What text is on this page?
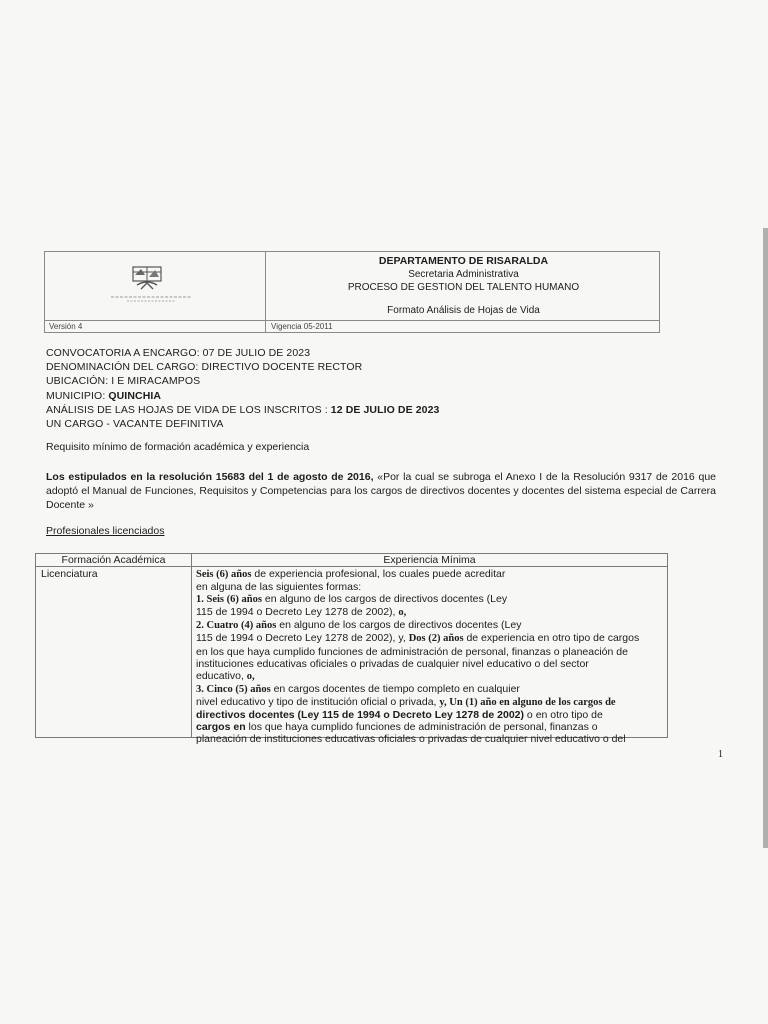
DEPARTAMENTO DE RISARALDA
Secretaria Administrativa
PROCESO DE GESTION DEL TALENTO HUMANO
Formato Análisis de Hojas de Vida
Versión 4	Vigencia 05-2011
CONVOCATORIA A ENCARGO: 07 DE JULIO DE 2023
DENOMINACIÓN DEL CARGO: DIRECTIVO DOCENTE RECTOR
UBICACIÓN: I E MIRACAMPOS
MUNICIPIO: QUINCHIA
ANÁLISIS DE LAS HOJAS DE VIDA DE LOS INSCRITOS : 12 DE JULIO DE 2023
UN CARGO - VACANTE DEFINITIVA
Requisito mínimo de formación académica y experiencia
Los estipulados en la resolución 15683 del 1 de agosto de 2016, «Por la cual se subroga el Anexo I de la Resolución 9317 de 2016 que adoptó el Manual de Funciones, Requisitos y Competencias para los cargos de directivos docentes y docentes del sistema especial de Carrera Docente »
Profesionales licenciados
Formación Académica	Experiencia Mínima
Licenciatura	Seis (6) años de experiencia profesional, los cuales puede acreditar

en alguna de las siguientes formas:

1. Seis (6) años en alguno de los cargos de directivos docentes (Ley

115 de 1994 o Decreto Ley 1278 de 2002), o,

2. Cuatro (4) años en alguno de los cargos de directivos docentes (Ley

115 de 1994 o Decreto Ley 1278 de 2002), y, Dos (2) años de experiencia en otro tipo de cargos

en los que haya cumplido funciones de administración de personal, finanzas o planeación de

instituciones educativas oficiales o privadas de cualquier nivel educativo o del sector

educativo, o,

3. Cinco (5) años en cargos docentes de tiempo completo en cualquier

nivel educativo y tipo de institución oficial o privada, y, Un (1) año en alguno de los cargos de

directivos docentes (Ley 115 de 1994 o Decreto Ley 1278 de 2002) o en otro tipo de

cargos en los que haya cumplido funciones de administración de personal, finanzas o

planeación de instituciones educativas oficiales o privadas de cualquier nivel educativo o del

1
